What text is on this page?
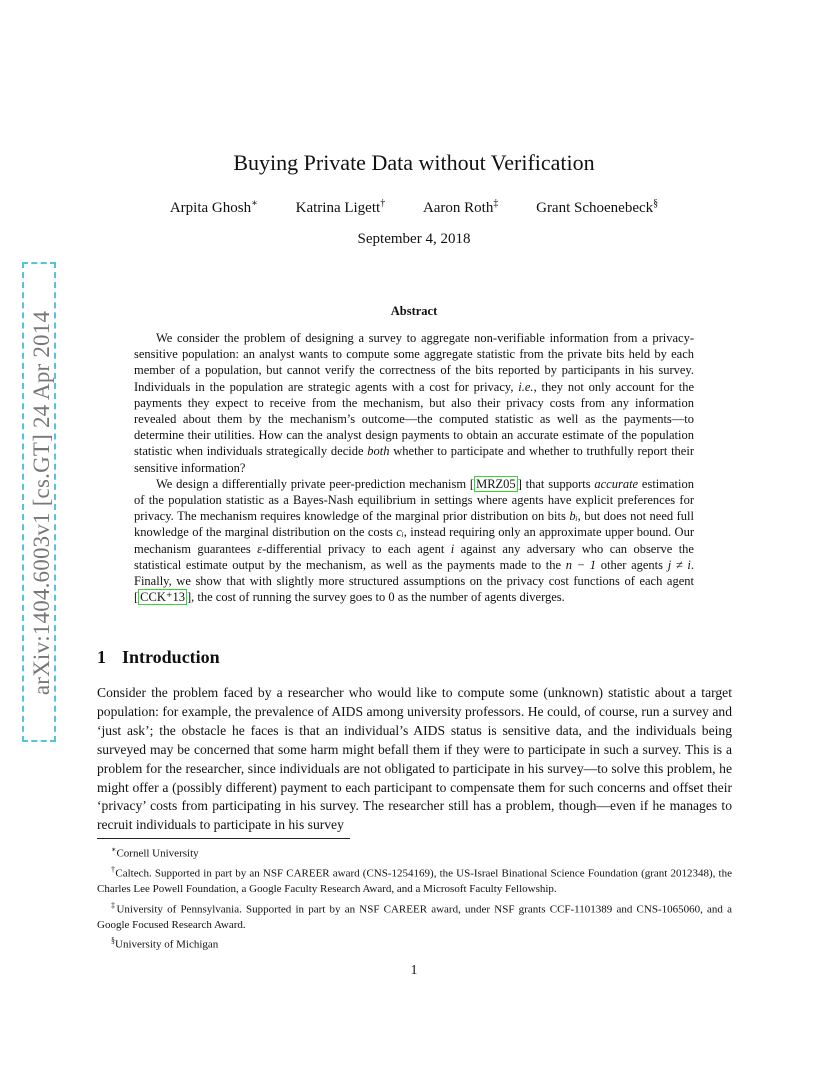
arXiv:1404.6003v1 [cs.GT] 24 Apr 2014
Buying Private Data without Verification
Arpita Ghosh∗	Katrina Ligett†	Aaron Roth‡	Grant Schoenebeck§
September 4, 2018
Abstract

We consider the problem of designing a survey to aggregate non-verifiable information from a privacy-sensitive population: an analyst wants to compute some aggregate statistic from the private bits held by each member of a population, but cannot verify the correctness of the bits reported by participants in his survey. Individuals in the population are strategic agents with a cost for privacy, i.e., they not only account for the payments they expect to receive from the mechanism, but also their privacy costs from any information revealed about them by the mechanism’s outcome—the computed statistic as well as the payments—to determine their utilities. How can the analyst design payments to obtain an accurate estimate of the population statistic when individuals strategically decide both whether to participate and whether to truthfully report their sensitive information?

We design a differentially private peer-prediction mechanism [ MRZ05 ] that supports accurate estimation of the population statistic as a Bayes-Nash equilibrium in settings where agents have explicit preferences for privacy. The mechanism requires knowledge of the marginal prior distribution on bits bᵢ, but does not need full knowledge of the marginal distribution on the costs cᵢ, instead requiring only an approximate upper bound. Our mechanism guarantees ε-differential privacy to each agent i against any adversary who can observe the statistical estimate output by the mechanism, as well as the payments made to the n − 1 other agents j ≠ i. Finally, we show that with slightly more structured assumptions on the privacy cost functions of each agent [ CCK⁺13 ], the cost of running the survey goes to 0 as the number of agents diverges.

1 Introduction

Consider the problem faced by a researcher who would like to compute some (unknown) statistic about a target population: for example, the prevalence of AIDS among university professors. He could, of course, run a survey and ‘just ask’; the obstacle he faces is that an individual’s AIDS status is sensitive data, and the individuals being surveyed may be concerned that some harm might befall them if they were to participate in such a survey. This is a problem for the researcher, since individuals are not obligated to participate in his survey—to solve this problem, he might offer a (possibly different) payment to each participant to compensate them for such concerns and offset their ‘privacy’ costs from participating in his survey. The researcher still has a problem, though—even if he manages to recruit individuals to participate in his survey

∗Cornell University

†Caltech. Supported in part by an NSF CAREER award (CNS-1254169), the US-Israel Binational Science Foundation (grant 2012348), the Charles Lee Powell Foundation, a Google Faculty Research Award, and a Microsoft Faculty Fellowship.

‡University of Pennsylvania. Supported in part by an NSF CAREER award, under NSF grants CCF-1101389 and CNS-1065060, and a Google Focused Research Award.

§University of Michigan

1
